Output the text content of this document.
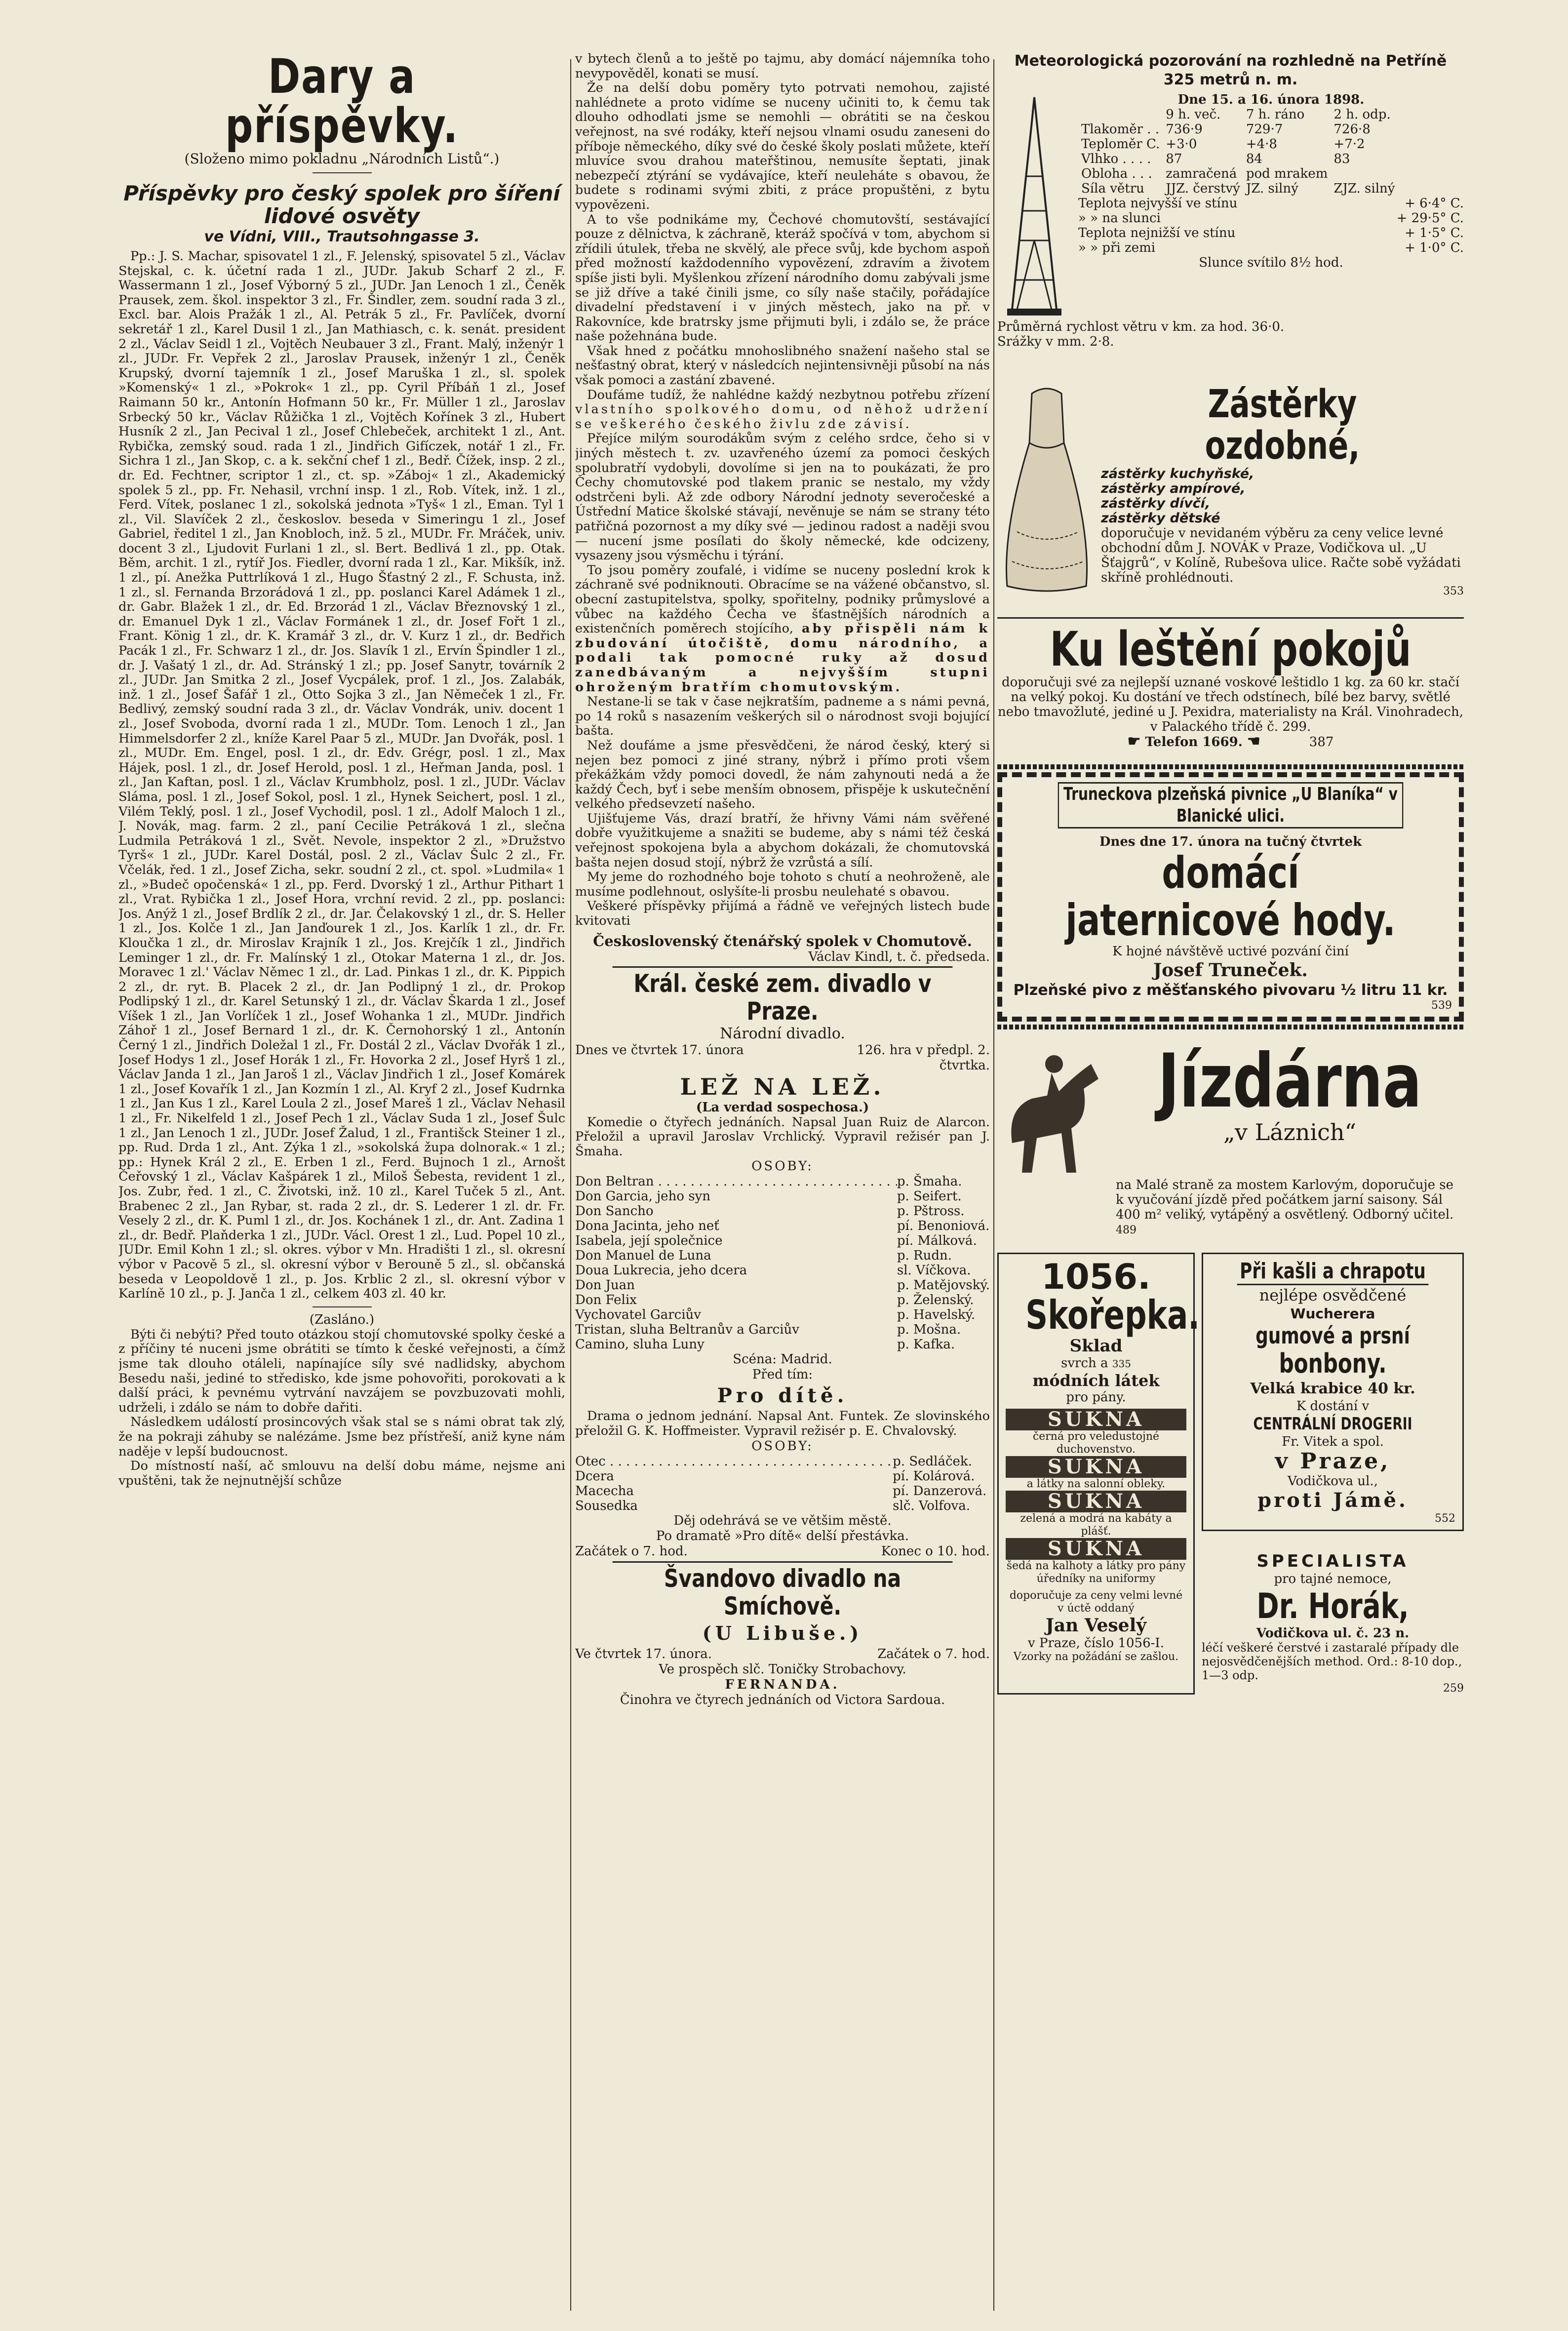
Dary a příspěvky.
(Složeno mimo pokladnu „Národních Listů“.)
Příspěvky pro český spolek pro šíření lidové osvěty
ve Vídni, VIII., Trautsohngasse 3.

Pp.: J. S. Machar, spisovatel 1 zl., F. Jelenský, spisovatel 5 zl., Václav Stejskal, c. k. účetní rada 1 zl., JUDr. Jakub Scharf 2 zl., F. Wassermann 1 zl., Josef Výborný 5 zl., JUDr. Jan Lenoch 1 zl., Čeněk Prausek, zem. škol. inspektor 3 zl., Fr. Šindler, zem. soudní rada 3 zl., Excl. bar. Alois Pražák 1 zl., Al. Petrák 5 zl., Fr. Pavlíček, dvorní sekretář 1 zl., Karel Dusil 1 zl., Jan Mathiasch, c. k. senát. president 2 zl., Václav Seidl 1 zl., Vojtěch Neubauer 3 zl., Frant. Malý, inženýr 1 zl., JUDr. Fr. Vepřek 2 zl., Jaroslav Prausek, inženýr 1 zl., Čeněk Krupský, dvorní tajemník 1 zl., Josef Maruška 1 zl., sl. spolek »Komenský« 1 zl., »Pokrok« 1 zl., pp. Cyril Příbáň 1 zl., Josef Raimann 50 kr., Antonín Hofmann 50 kr., Fr. Müller 1 zl., Jaroslav Srbecký 50 kr., Václav Růžička 1 zl., Vojtěch Kořínek 3 zl., Hubert Husník 2 zl., Jan Pecival 1 zl., Josef Chlebeček, architekt 1 zl., Ant. Rybička, zemský soud. rada 1 zl., Jindřich Gifíczek, notář 1 zl., Fr. Sichra 1 zl., Jan Skop, c. a k. sekční chef 1 zl., Bedř. Čížek, insp. 2 zl., dr. Ed. Fechtner, scriptor 1 zl., ct. sp. »Záboj« 1 zl., Akademický spolek 5 zl., pp. Fr. Nehasil, vrchní insp. 1 zl., Rob. Vítek, inž. 1 zl., Ferd. Vítek, poslanec 1 zl., sokolská jednota »Tyš« 1 zl., Eman. Tyl 1 zl., Vil. Slavíček 2 zl., českoslov. beseda v Simeringu 1 zl., Josef Gabriel, ředitel 1 zl., Jan Knobloch, inž. 5 zl., MUDr. Fr. Mráček, univ. docent 3 zl., Ljudovit Furlani 1 zl., sl. Bert. Bedlivá 1 zl., pp. Otak. Běm, archit. 1 zl., rytíř Jos. Fiedler, dvorní rada 1 zl., Kar. Mikšík, inž. 1 zl., pí. Anežka Puttrlíková 1 zl., Hugo Šťastný 2 zl., F. Schusta, inž. 1 zl., sl. Fernanda Brzorádová 1 zl., pp. poslanci Karel Adámek 1 zl., dr. Gabr. Blažek 1 zl., dr. Ed. Brzorád 1 zl., Václav Březnovský 1 zl., dr. Emanuel Dyk 1 zl., Václav Formánek 1 zl., dr. Josef Fořt 1 zl., Frant. König 1 zl., dr. K. Kramář 3 zl., dr. V. Kurz 1 zl., dr. Bedřich Pacák 1 zl., Fr. Schwarz 1 zl., dr. Jos. Slavík 1 zl., Ervín Špindler 1 zl., dr. J. Vašatý 1 zl., dr. Ad. Stránský 1 zl.; pp. Josef Sanytr, továrník 2 zl., JUDr. Jan Smitka 2 zl., Josef Vycpálek, prof. 1 zl., Jos. Zalabák, inž. 1 zl., Josef Šafář 1 zl., Otto Sojka 3 zl., Jan Němeček 1 zl., Fr. Bedlivý, zemský soudní rada 3 zl., dr. Václav Vondrák, univ. docent 1 zl., Josef Svoboda, dvorní rada 1 zl., MUDr. Tom. Lenoch 1 zl., Jan Himmelsdorfer 2 zl., kníže Karel Paar 5 zl., MUDr. Jan Dvořák, posl. 1 zl., MUDr. Em. Engel, posl. 1 zl., dr. Edv. Grégr, posl. 1 zl., Max Hájek, posl. 1 zl., dr. Josef Herold, posl. 1 zl., Heřman Janda, posl. 1 zl., Jan Kaftan, posl. 1 zl., Václav Krumbholz, posl. 1 zl., JUDr. Václav Sláma, posl. 1 zl., Josef Sokol, posl. 1 zl., Hynek Seichert, posl. 1 zl., Vilém Teklý, posl. 1 zl., Josef Vychodil, posl. 1 zl., Adolf Maloch 1 zl., J. Novák, mag. farm. 2 zl., paní Cecilie Petráková 1 zl., slečna Ludmila Petráková 1 zl., Svět. Nevole, inspektor 2 zl., »Družstvo Tyrš« 1 zl., JUDr. Karel Dostál, posl. 2 zl., Václav Šulc 2 zl., Fr. Včelák, řed. 1 zl., Josef Zicha, sekr. soudní 2 zl., ct. spol. »Ludmila« 1 zl., »Budeč opočenská« 1 zl., pp. Ferd. Dvorský 1 zl., Arthur Pithart 1 zl., Vrat. Rybička 1 zl., Josef Hora, vrchní revid. 2 zl., pp. poslanci: Jos. Anýž 1 zl., Josef Brdlík 2 zl., dr. Jar. Čelakovský 1 zl., dr. S. Heller 1 zl., Jos. Kolče 1 zl., Jan Janďourek 1 zl., Jos. Karlík 1 zl., dr. Fr. Kloučka 1 zl., dr. Miroslav Krajník 1 zl., Jos. Krejčík 1 zl., Jindřich Leminger 1 zl., dr. Fr. Malínský 1 zl., Otokar Materna 1 zl., dr. Jos. Moravec 1 zl.' Václav Němec 1 zl., dr. Lad. Pinkas 1 zl., dr. K. Pippich 2 zl., dr. ryt. B. Placek 2 zl., dr. Jan Podlipný 1 zl., dr. Prokop Podlipský 1 zl., dr. Karel Setunský 1 zl., dr. Václav Škarda 1 zl., Josef Víšek 1 zl., Jan Vorlíček 1 zl., Josef Wohanka 1 zl., MUDr. Jindřich Záhoř 1 zl., Josef Bernard 1 zl., dr. K. Černohorský 1 zl., Antonín Černý 1 zl., Jindřich Doležal 1 zl., Fr. Dostál 2 zl., Václav Dvořák 1 zl., Josef Hodys 1 zl., Josef Horák 1 zl., Fr. Hovorka 2 zl., Josef Hyrš 1 zl., Václav Janda 1 zl., Jan Jaroš 1 zl., Václav Jindřich 1 zl., Josef Komárek 1 zl., Josef Kovařík 1 zl., Jan Kozmín 1 zl., Al. Kryf 2 zl., Josef Kudrnka 1 zl., Jan Kus 1 zl., Karel Loula 2 zl., Josef Mareš 1 zl., Václav Nehasil 1 zl., Fr. Nikelfeld 1 zl., Josef Pech 1 zl., Václav Suda 1 zl., Josef Šulc 1 zl., Jan Lenoch 1 zl., JUDr. Josef Žalud, 1 zl., Františck Steiner 1 zl., pp. Rud. Drda 1 zl., Ant. Zýka 1 zl., »sokolská župa dolnorak.« 1 zl.; pp.: Hynek Král 2 zl., E. Erben 1 zl., Ferd. Bujnoch 1 zl., Arnošt Čeřovský 1 zl., Václav Kašpárek 1 zl., Miloš Šebesta, revident 1 zl., Jos. Zubr, řed. 1 zl., C. Životski, inž. 10 zl., Karel Tuček 5 zl., Ant. Brabenec 2 zl., Jan Rybar, st. rada 2 zl., dr. S. Lederer 1 zl. dr. Fr. Vesely 2 zl., dr. K. Puml 1 zl., dr. Jos. Kochánek 1 zl., dr. Ant. Zadina 1 zl., dr. Bedř. Plaňderka 1 zl., JUDr. Václ. Orest 1 zl., Lud. Popel 10 zl., JUDr. Emil Kohn 1 zl.; sl. okres. výbor v Mn. Hradišti 1 zl., sl. okresní výbor v Pacově 5 zl., sl. okresní výbor v Berouně 5 zl., sl. občanská beseda v Leopoldově 1 zl., p. Jos. Krblic 2 zl., sl. okresní výbor v Karlíně 10 zl., p. J. Janča 1 zl., celkem 403 zl. 40 kr.

(Zasláno.)

Býti či nebýti? Před touto otázkou stojí chomutovské spolky české a z příčiny té nuceni jsme obrátiti se tímto k české veřejnosti, a čímž jsme tak dlouho otáleli, napínajíce síly své nadlidsky, abychom Besedu naši, jediné to středisko, kde jsme pohovořiti, porokovati a k další práci, k pevnému vytrvání navzájem se povzbuzovati mohli, udrželi, i zdálo se nám to dobře dařiti.

Následkem událostí prosincových však stal se s námi obrat tak zlý, že na pokraji záhuby se nalézáme. Jsme bez přístřeší, aniž kyne nám naděje v lepší budoucnost.

Do místností naší, ač smlouvu na delší dobu máme, nejsme ani vpuštěni, tak že nejnutnější schůze

v bytech členů a to ještě po tajmu, aby domácí nájemníka toho nevypověděl, konati se musí.

Že na delší dobu poměry tyto potrvati nemohou, zajisté nahlédnete a proto vidíme se nuceny učiniti to, k čemu tak dlouho odhodlati jsme se nemohli — obrátiti se na českou veřejnost, na své rodáky, kteří nejsou vlnami osudu zaneseni do příboje německého, díky své do české školy poslati můžete, kteří mluvíce svou drahou mateřštinou, nemusíte šeptati, jinak nebezpečí ztýrání se vydávajíce, kteří neuleháte s obavou, že budete s rodinami svými zbiti, z práce propuštěni, z bytu vypovězeni.

A to vše podnikáme my, Čechové chomutovští, sestávající pouze z dělnictva, k záchraně, kteráž spočívá v tom, abychom si zřídili útulek, třeba ne skvělý, ale přece svůj, kde bychom aspoň před možností každodenního vypovězení, zdravím a životem spíše jisti byli. Myšlenkou zřízení národního domu zabývali jsme se již dříve a také činili jsme, co síly naše stačily, pořádajíce divadelní představení i v jiných městech, jako na př. v Rakovníce, kde bratrsky jsme přijmuti byli, i zdálo se, že práce naše požehnána bude.

Však hned z počátku mnohoslibného snažení našeho stal se nešťastný obrat, který v následcích nejintensivněji působí na nás však pomoci a zastání zbavené.

Doufáme tudíž, že nahlédne každý nezbytnou potřebu zřízení vlastního spolkového domu, od něhož udržení se veškerého českého živlu zde závisí.

Přejíce milým sourodákům svým z celého srdce, čeho si v jiných městech t. zv. uzavřeného území za pomoci českých spolubratří vydobyli, dovolíme si jen na to poukázati, že pro Čechy chomutovské pod tlakem pranic se nestalo, my vždy odstrčeni byli. Až zde odbory Národní jednoty severočeské a Ústřední Matice školské stávají, nevěnuje se nám se strany této patřičná pozornost a my díky své — jedinou radost a naději svou — nucení jsme posílati do školy německé, kde odcizeny, vysazeny jsou výsměchu i týrání.

To jsou poměry zoufalé, i vidíme se nuceny poslední krok k záchraně své podniknouti. Obracíme se na vážené občanstvo, sl. obecní zastupitelstva, spolky, spořitelny, podniky průmyslové a vůbec na každého Čecha ve šťastnějších národních a existenčních poměrech stojícího, aby přispěli nám k zbudování útočiště, domu národního, a podali tak pomocné ruky až dosud zanedbávaným a nejvyšším stupni ohroženým bratřím chomutovským.

Nestane-li se tak v čase nejkratším, padneme a s námi pevná, po 14 roků s nasazením veškerých sil o národnost svoji bojující bašta.

Než doufáme a jsme přesvědčeni, že národ český, který si nejen bez pomoci z jiné strany, nýbrž i přímo proti všem překážkám vždy pomoci dovedl, že nám zahynouti nedá a že každý Čech, byť i sebe menším obnosem, přispěje k uskutečnění velkého předsevzetí našeho.

Ujišťujeme Vás, drazí bratří, že hřivny Vámi nám svěřené dobře využitkujeme a snažiti se budeme, aby s námi též česká veřejnost spokojena byla a abychom dokázali, že chomutovská bašta nejen dosud stojí, nýbrž že vzrůstá a sílí.

My jeme do rozhodného boje tohoto s chutí a neohroženě, ale musíme podlehnout, oslyšíte-li prosbu neulehaté s obavou.

Veškeré příspěvky přijímá a řádně ve veřejných listech bude kvitovati

Československý čtenářský spolek v Chomutově.
Václav Kindl, t. č. předseda.
Král. české zem. divadlo v Praze.
Národní divadlo.
Dnes ve čtvrtek 17. února	126. hra v předpl. 2. čtvrtka.
LEŽ NA LEŽ.
(La verdad sospechosa.)

Komedie o čtyřech jednáních. Napsal Juan Ruiz de Alarcon. Přeložil a upravil Jaroslav Vrchlický. Vypravil režisér pan J. Šmaha.

OSOBY:
Don Beltran . . .	p. Šmaha.
Don Garcia, jeho syn	p. Seifert.
Don Sancho	p. Pštross.
Dona Jacinta, jeho neť	pí. Benoniová.
Isabela, její společnice	pí. Málková.
Don Manuel de Luna	p. Rudn.
Doua Lukrecia, jeho dcera	sl. Víčkova.
Don Juan	p. Matějovský.
Don Felix	p. Želenský.
Vychovatel Garciův	p. Havelský.
Tristan, sluha Beltranův a Garciův	p. Mošna.
Camino, sluha Luny	p. Kafka.
Scéna: Madrid.
Před tím:
Pro dítě.

Drama o jednom jednání. Napsal Ant. Funtek. Ze slovinského přeložil G. K. Hoffmeister. Vypravil režisér p. E. Chvalovský.

OSOBY:
Otec . . .	p. Sedláček.
Dcera	pí. Kolárová.
Macecha	pí. Danzerová.
Sousedka	slč. Volfova.
Děj odehrává se ve většim městě.
Po dramatě »Pro dítě« delší přestávka.
Začátek o 7. hod.	Konec o 10. hod.
Švandovo divadlo na Smíchově.
(U Libuše.)
Ve čtvrtek 17. února.	Začátek o 7. hod.
Ve prospěch slč. Toničky Strobachovy.
FERNANDA.
Činohra ve čtyrech jednáních od Victora Sardoua.
Meteorologická pozorování na rozhledně na Petříně 325 metrů n. m.
Dne 15. a 16. února 1898.
	9 h. več.	7 h. ráno	2 h. odp.
Tlakoměr . .	736·9	729·7	726·8
Teploměr C.	+3·0	+4·8	+7·2
Vlhko . . . .	87	84	83
Obloha . . .	zamračená	pod mrakem	
Síla větru	JJZ. čerstvý	JZ. silný	ZJZ. silný
Teplota nejvyšší ve stínu	+ 6·4° C.
» » na slunci	+ 29·5° C.
Teplota nejnižší ve stínu	+ 1·5° C.
» » při zemi	+ 1·0° C.
Slunce svítilo 8½ hod.
Průměrná rychlost větru v km. za hod. 36·0.
Srážky v mm. 2·8.
Zástěrky ozdobné,
zástěrky kuchyňské,
zástěrky ampírové,
zástěrky dívčí,
zástěrky dětské
doporučuje v nevidaném výběru za ceny velice levné obchodní dům J. NOVÁK v Praze, Vodičkova ul. „U Šťajgrů“, v Kolíně, Rubešova ulice. Račte sobě vyžádati skříně prohlédnouti.
353
Ku leštění pokojů
doporučuji své za nejlepší uznané voskové leštidlo 1 kg. za 60 kr. stačí na velký pokoj. Ku dostání ve třech odstínech, bílé bez barvy, světlé nebo tmavožluté, jediné u J. Pexidra, materialisty na Král. Vinohradech, v Palackého třídě č. 299.
☛ Telefon 1669. ☚	387
Truneckova plzeňská pivnice „U Blaníka“ v Blanické ulici.
Dnes dne 17. února na tučný čtvrtek
domácí jaternicové hody.
K hojné návštěvě uctivé pozvání činí
Josef Truneček.
Plzeňské pivo z měšťanského pivovaru ½ litru 11 kr.
539
Jízdárna
„v Láznich“
na Malé straně za mostem Karlovým, doporučuje se k vyučování jízdě před počátkem jarní saisony. Sál 400 m² veliký, vytápěný a osvětlený. Odborný učitel. 489
1056.
Skořepka.
Sklad
svrch a 335
módních látek
pro pány.
SUKNA
černá pro veledustojné duchovenstvo.
SUKNA
a látky na salonní obleky.
SUKNA
zelená a modrá na kabáty a plášť.
SUKNA
šedá na kalhoty a látky pro pány úředníky na uniformy
doporučuje za ceny velmi levné v úctě oddaný
Jan Veselý
v Praze, číslo 1056-I.
Vzorky na požádání se zašlou.
Při kašli a chrapotu
nejlépe osvědčené
Wucherera
gumové a prsní
bonbony.
Velká krabice 40 kr.
K dostání v
CENTRÁLNÍ DROGERII
Fr. Vitek a spol.
v Praze,
Vodičkova ul.,
proti Jámě.
552
SPECIALISTA
pro tajné nemoce,
Dr. Horák,
Vodičkova ul. č. 23 n.
léčí veškeré čerstvé i zastaralé případy dle nejosvědčenějších method. Ord.: 8-10 dop., 1—3 odp.
259
